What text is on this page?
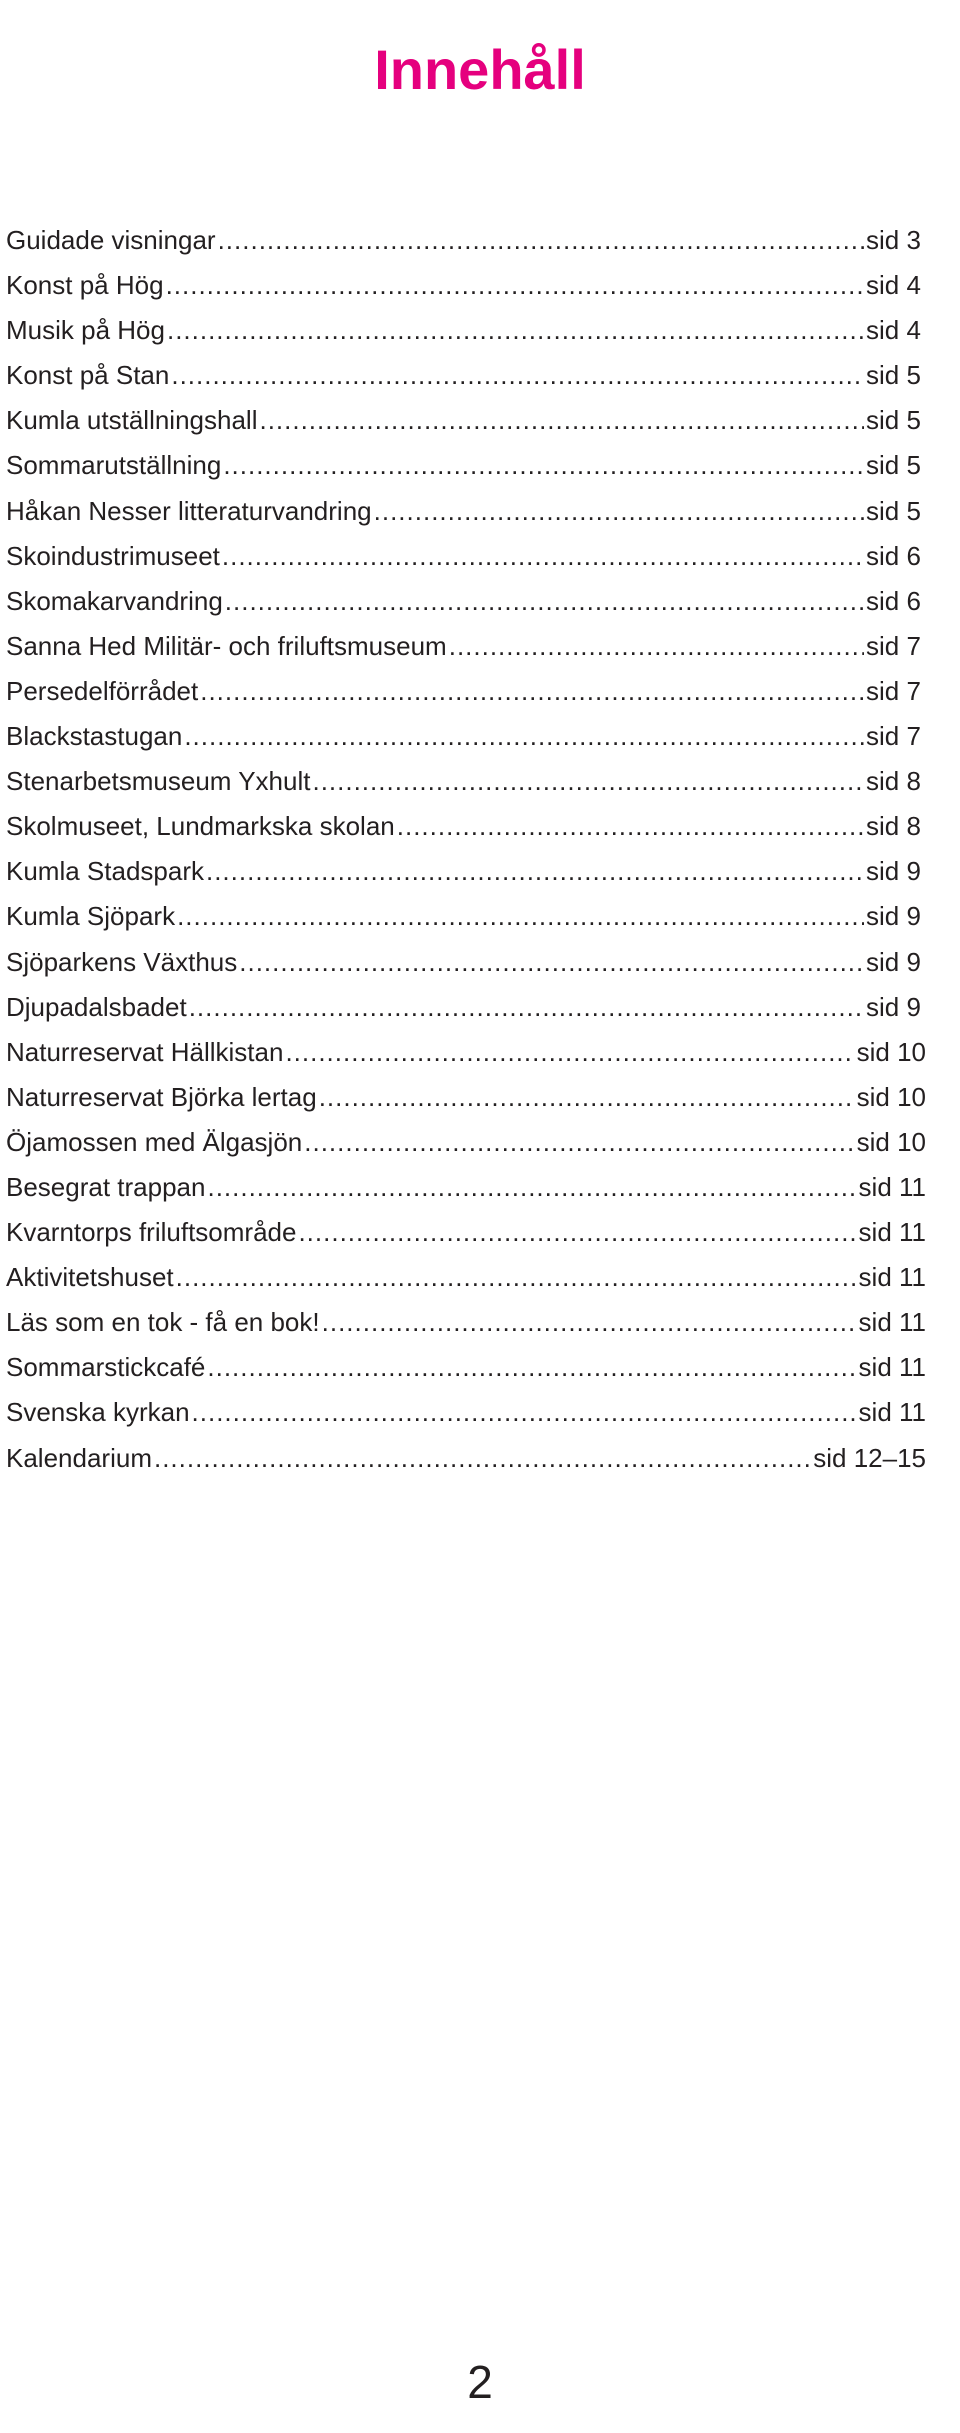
Innehåll
Guidade visningar .....	sid 3
Konst på Hög .....	sid 4
Musik på Hög .....	sid 4
Konst på Stan .....	sid 5
Kumla utställningshall .....	sid 5
Sommarutställning .....	sid 5
Håkan Nesser litteraturvandring .....	sid 5
Skoindustrimuseet .....	sid 6
Skomakarvandring .....	sid 6
Sanna Hed Militär- och friluftsmuseum .....	sid 7
Persedelförrådet .....	sid 7
Blackstastugan .....	sid 7
Stenarbetsmuseum Yxhult .....	sid 8
Skolmuseet, Lundmarkska skolan .....	sid 8
Kumla Stadspark .....	sid 9
Kumla Sjöpark .....	sid 9
Sjöparkens Växthus .....	sid 9
Djupadalsbadet .....	sid 9
Naturreservat Hällkistan .....	sid 10
Naturreservat Björka lertag .....	sid 10
Öjamossen med Älgasjön .....	sid 10
Besegrat trappan .....	sid 11
Kvarntorps friluftsområde .....	sid 11
Aktivitetshuset .....	sid 11
Läs som en tok - få en bok! .....	sid 11
Sommarstickcafé .....	sid 11
Svenska kyrkan .....	sid 11
Kalendarium .....	sid 12–15
2
